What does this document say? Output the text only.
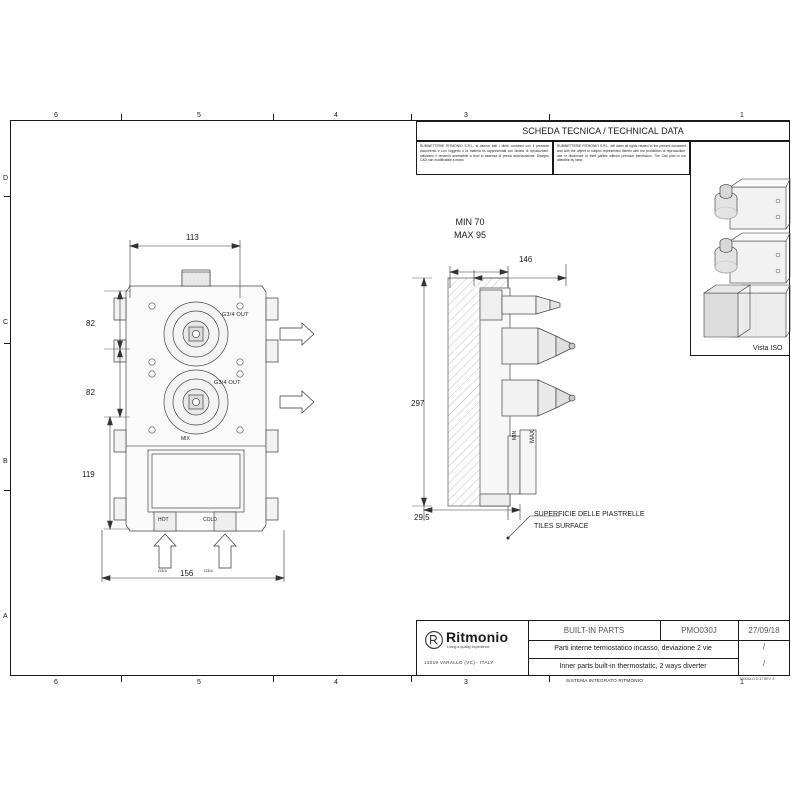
6	5	4	3	1
6	5	4	3	1
D
C
B
A
SCHEDA TECNICA / TECHNICAL DATA
RUBINETTERIE RITMONIO S.R.L. si riserva tutti i diritti connessi con il presente documento e con l'oggetto o la materia ivi rappresentati con divieto di riproduzione, utilizzarlo o renderlo accessibile a terzi in assenza di previa autorizzazione. Disegno CAD non modificabile a mano
RUBINETTERIE RITMONIO S.R.L. will claim all rights related to the present document and with the object or subject represented therein with the prohibition of reproduction, use or disclosure to third parties without previous permission. The Cad plan is not alterable by hand
Vista ISO
G3/4 OUT
G3/4 OUT
MIX
HOT	COLD
G3/4	G3/4
113
82
82
119
156
MIN 70
MAX 95
146
297
29,5
MIN MAX
SUPERFICIE DELLE PIASTRELLE
TILES SURFACE
Ritmonio
Living a quality experience.
13019 VARALLO (VC) - ITALY
BUILT-IN PARTS	PMO030J	27/09/18
Parti interne termostatico incasso, deviazione 2 vie
Inner parts built-in thermostatic, 2 ways diverter
/
/
SISTEMA INTEGRATO RITMONIO	MODULO D.37 REV. 3
